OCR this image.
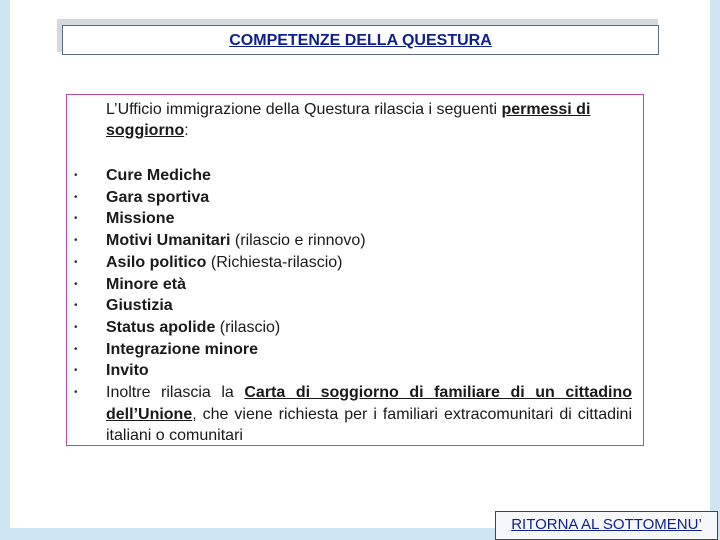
COMPETENZE DELLA QUESTURA
L’Ufficio immigrazione della Questura rilascia i seguenti permessi di soggiorno:
•	Cure Mediche
•	Gara sportiva
•	Missione
•	Motivi Umanitari (rilascio e rinnovo)
•	Asilo politico (Richiesta-rilascio)
•	Minore età
•	Giustizia
•	Status apolide (rilascio)
•	Integrazione minore
•	Invito
•	Inoltre rilascia la Carta di soggiorno di familiare di un cittadino dell’Unione, che viene richiesta per i familiari extracomunitari di cittadini italiani o comunitari
RITORNA AL SOTTOMENU’
